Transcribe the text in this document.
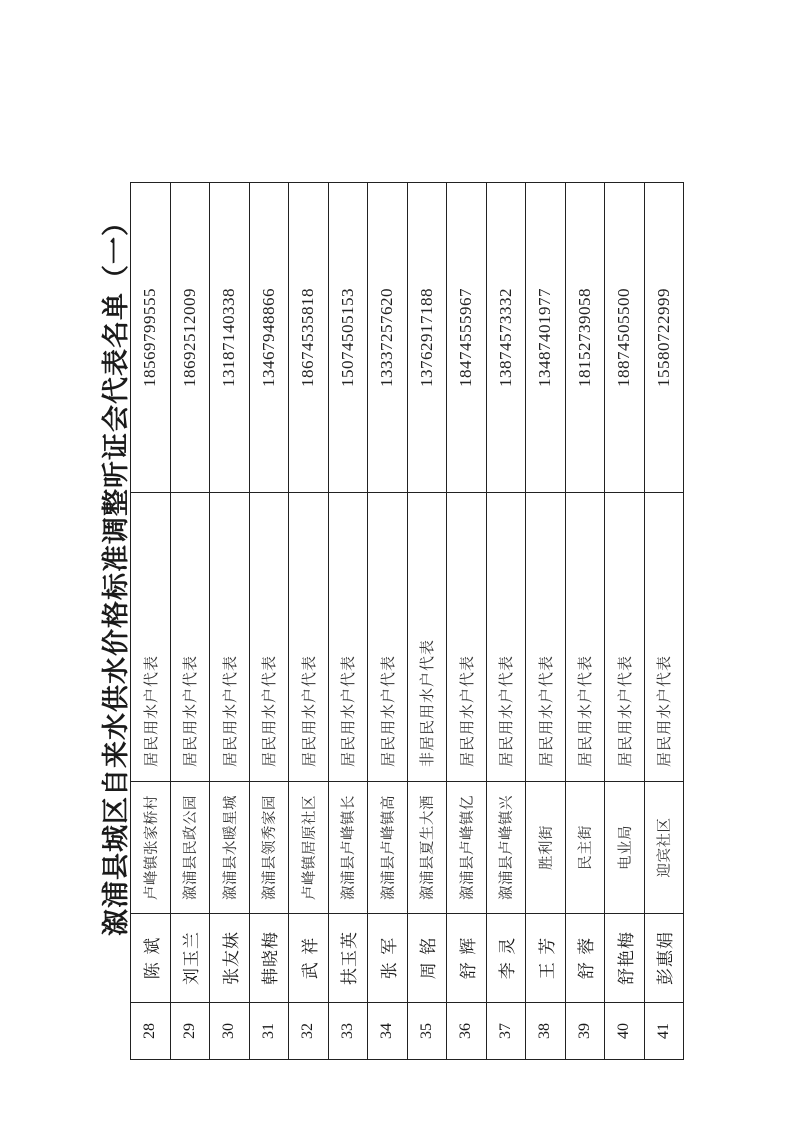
溆浦县城区自来水供水价格标准调整听证会代表名单（一）
28	陈 斌	卢峰镇张家桥村	居民用水户代表	18569799555
29	刘玉兰	溆浦县民政公园	居民用水户代表	18692512009
30	张友妹	溆浦县水暖星城	居民用水户代表	13187140338
31	韩晓梅	溆浦县领秀家园	居民用水户代表	13467948866
32	武 祥	卢峰镇居原社区	居民用水户代表	18674535818
33	扶玉英	溆浦县卢峰镇长	居民用水户代表	15074505153
34	张 军	溆浦县卢峰镇高	居民用水户代表	13337257620
35	周 铭	溆浦县夏生大酒	非居民用水户代表	13762917188
36	舒 辉	溆浦县卢峰镇亿	居民用水户代表	18474555967
37	李 灵	溆浦县卢峰镇兴	居民用水户代表	13874573332
38	王 芳	胜利街	居民用水户代表	13487401977
39	舒 蓉	民主街	居民用水户代表	18152739058
40	舒艳梅	电业局	居民用水户代表	18874505500
41	彭惠娟	迎宾社区	居民用水户代表	15580722999
